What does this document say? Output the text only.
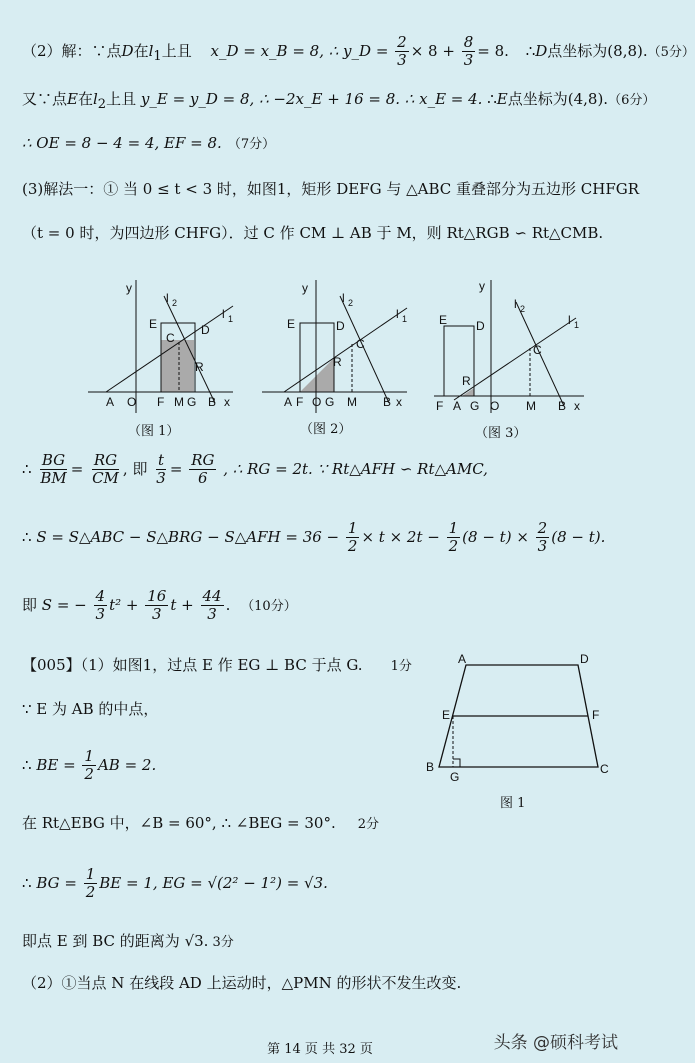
（2）解：∵点D在$l_1$上且 x_D = x_B = 8, ∴ y_D = $\frac{2}{3} \times 8 + \frac{8}{3} = 8$. ∴D点坐标为(8,8).（5分）
又∵点E在$l_2$上且 y_E = y_D = 8, ∴ −2x_E + 16 = 8. ∴ x_E = 4. ∴E点坐标为(4,8).（6分）
∴ OE = 8 − 4 = 4, EF = 8. （7分）
(3)解法一：① 当 0 ≤ t < 3 时，如图1，矩形 DEFG 与 △ABC 重叠部分为五边形 CHFGR
（t = 0 时，为四边形 CHFG）．过 C 作 CM ⊥ AB 于 M，则 Rt△RGB ∽ Rt△CMB.
y
l 2
l 1
E	D
C
R
A O F M G B x
（图 1）
y
l 2
l 1
E	D
C
R
A F O G M B x
（图 2）
y
l 2
l 1
E D
C
R
F A G O M B x
（图 3）
∴ $\frac{BG}{BM} = \frac{RG}{CM}$ , 即 $\frac{t}{3} = \frac{RG}{6}$ , ∴ RG = 2t. ∵ Rt△AFH ∽ Rt△AMC,
∴ S = S△ABC − S△BRG − S△AFH = $36 - \frac{1}{2} \times t \times 2t - \frac{1}{2} (8 - t) \times \frac{2}{3} (8 - t)$.
即 S = − $\frac{4}{3} t^2 + \frac{16}{3}$ $t + \frac{44}{3}$ . （10分）
【005】（1）如图1，过点 E 作 EG ⊥ BC 于点 G. 1分
∵ E 为 AB 的中点，
∴ BE = $\frac{1}{2}$ AB = 2.
在 Rt△EBG 中，∠B = 60°, ∴ ∠BEG = 30°. 2分
∴ BG = $\frac{1}{2}$ BE = 1, EG = √(2² − 1²) = √3.
即点 E 到 BC 的距离为 √3. 3分
（2）①当点 N 在线段 AD 上运动时，△PMN 的形状不发生改变.
A	D
E	F
B
G
C
图 1
第 14 页 共 32 页	头条 @硕科考试
